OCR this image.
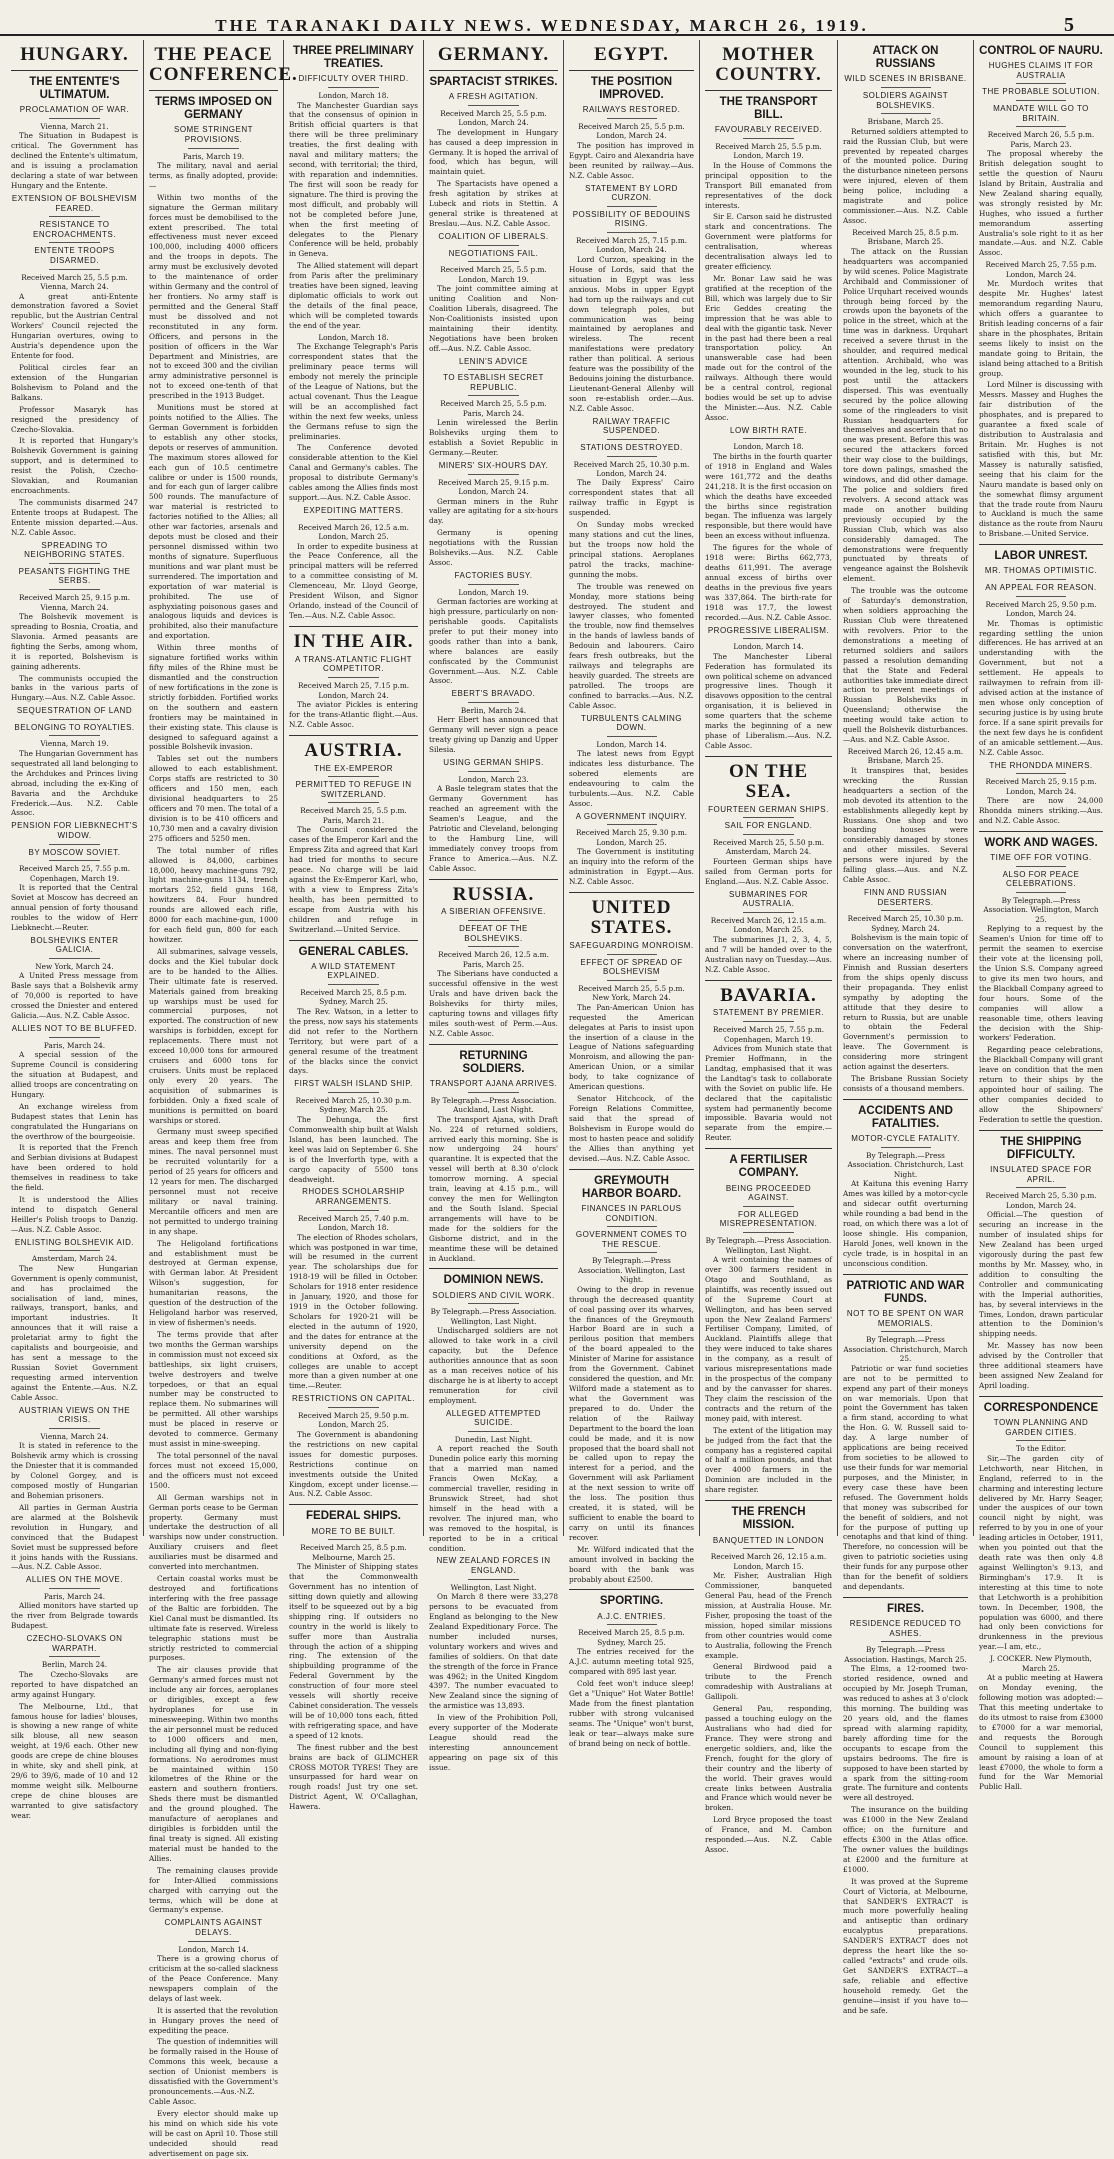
THE TARANAKI DAILY NEWS. WEDNESDAY, MARCH 26, 1919.	5
HUNGARY.
THE ENTENTE'S ULTIMATUM.
PROCLAMATION OF WAR.
Vienna, March 21.

The Situation in Budapest is critical. The Government has declined the Entente's ultimatum, and is issuing a proclamation declaring a state of war between Hungary and the Entente.

EXTENSION OF BOLSHEVISM FEARED.
RESISTANCE TO ENCROACHMENTS.
ENTENTE TROOPS DISARMED.
Received March 25, 5.5 p.m. Vienna, March 24.

A great anti-Entente demonstration favored a Soviet republic, but the Austrian Central Workers' Council rejected the Hungarian overtures, owing to Austria's dependence upon the Entente for food.

Political circles fear an extension of the Hungarian Bolshevism to Poland and the Balkans.

Professor Masaryk has resigned the presidency of Czecho-Slovakia.

It is reported that Hungary's Bolshevik Government is gaining support, and is determined to resist the Polish, Czecho-Slovakian, and Roumanian encroachments.

The communists disarmed 247 Entente troops at Budapest. The Entente mission departed.—Aus. N.Z. Cable Assoc.

SPREADING TO NEIGHBORING STATES.
PEASANTS FIGHTING THE SERBS.
Received March 25, 9.15 p.m. Vienna, March 24.

The Bolshevik movement is spreading to Bosnia, Croatia, and Slavonia. Armed peasants are fighting the Serbs, among whom, it is reported, Bolshevism is gaining adherents.

The communists occupied the banks in the various parts of Hungary.—Aus. N.Z. Cable Assoc.

SEQUESTRATION OF LAND
BELONGING TO ROYALTIES.
Vienna, March 19.

The Hungarian Government has sequestrated all land belonging to the Archdukes and Princes living abroad, including the ex-King of Bavaria and the Archduke Frederick.—Aus. N.Z. Cable Assoc.

PENSION FOR LIEBKNECHT'S WIDOW.
BY MOSCOW SOVIET.
Received March 25, 7.55 p.m. Copenhagen, March 19.

It is reported that the Central Soviet at Moscow has decreed an annual pension of forty thousand roubles to the widow of Herr Liebknecht.—Reuter.

BOLSHEVIKS ENTER GALICIA.
New York, March 24.

A United Press message from Basle says that a Bolshevik army of 70,000 is reported to have crossed the Dniester and entered Galicia.—Aus. N.Z. Cable Assoc.

ALLIES NOT TO BE BLUFFED.
Paris, March 24.

A special session of the Supreme Council is considering the situation at Budapest, and allied troops are concentrating on Hungary.

An exchange wireless from Budapest states that Lenin has congratulated the Hungarians on the overthrow of the bourgeoisie.

It is reported that the French and Serbian divisions at Budapest have been ordered to hold themselves in readiness to take the field.

It is understood the Allies intend to dispatch General Heiller's Polish troops to Danzig.—Aus. N.Z. Cable Assoc.

ENLISTING BOLSHEVIK AID.
Amsterdam, March 24.

The New Hungarian Government is openly communist, and has proclaimed the socialisation of land, mines, railways, transport, banks, and important industries. It announces that it will raise a proletariat army to fight the capitalists and bourgeoisie, and has sent a message to the Russian Soviet Government requesting armed intervention against the Entente.—Aus. N.Z. Cable Assoc.

AUSTRIAN VIEWS ON THE CRISIS.
Vienna, March 24.

It is stated in reference to the Bolshevik army which is crossing the Dniester that it is commanded by Colonel Gorgey, and is composed mostly of Hungarian and Bohemian prisoners.

All parties in German Austria are alarmed at the Bolshevik revolution in Hungary, and convinced that the Budapest Soviet must be suppressed before it joins hands with the Russians.—Aus. N.Z. Cable Assoc.

ALLIES ON THE MOVE.
Paris, March 24.

Allied monitors have started up the river from Belgrade towards Budapest.

CZECHO-SLOVAKS ON WARPATH.
Berlin, March 24.

The Czecho-Slovaks are reported to have dispatched an army against Hungary.

The Melbourne, Ltd., that famous house for ladies' blouses, is showing a new range of white silk blouse, all new season weight, at 19/6 each. Other new goods are crepe de chine blouses in white, sky and shell pink, at 29/6 to 39/6, made of 10 and 12 momme weight silk. Melbourne crepe de chine blouses are warranted to give satisfactory wear.

THE PEACE CONFERENCE.
TERMS IMPOSED ON GERMANY
SOME STRINGENT PROVISIONS.
Paris, March 19.

The military, naval and aerial terms, as finally adopted, provide:—

Within two months of the signature the German military forces must be demobilised to the extent prescribed. The total effectiveness must never exceed 100,000, including 4000 officers and the troops in depots. The army must be exclusively devoted to the maintenance of order within Germany and the control of her frontiers. No army staff is permitted and the General Staff must be dissolved and not reconstituted in any form. Officers, and persons in the position of officers in the War Department and Ministries, are not to exceed 300 and the civilian army administrative personnel is not to exceed one-tenth of that prescribed in the 1913 Budget.

Munitions must be stored at points notified to the Allies. The German Government is forbidden to establish any other stocks, depots or reserves of ammunition. The maximum stores allowed for each gun of 10.5 centimetre calibre or under is 1500 rounds, and for each gun of larger calibre 500 rounds. The manufacture of war material is restricted to factories notified to the Allies; all other war factories, arsenals and depots must be closed and their personnel dismissed within two months of signature. Superfluous munitions and war plant must be surrendered. The importation and exportation of war material is prohibited. The use of asphyxiating poisonous gases and analogous liquids and devices is prohibited, also their manufacture and exportation.

Within three months of signature fortified works within fifty miles of the Rhine must be dismantled and the construction of new fortifications in the zone is strictly forbidden. Fortified works on the southern and eastern frontiers may be maintained in their existing state. This clause is designed to safeguard against a possible Bolshevik invasion.

Tables set out the numbers allowed to each establishment. Corps staffs are restricted to 30 officers and 150 men, each divisional headquarters to 25 officers and 70 men. The total of a division is to be 410 officers and 10,730 men and a cavalry division 275 officers and 5250 men.

The total number of rifles allowed is 84,000, carbines 18,000, heavy machine-guns 792, light machine-guns 1134, trench mortars 252, field guns 168, howitzers 84. Four hundred rounds are allowed each rifle, 8000 for each machine-gun, 1000 for each field gun, 800 for each howitzer.

All submarines, salvage vessels, docks and the Kiel tubular dock are to be handed to the Allies. Their ultimate fate is reserved. Materials gained from breaking up warships must be used for commercial purposes, not exported. The construction of new warships is forbidden, except for replacements. There must not exceed 10,000 tons for armoured cruisers and 6000 tons for cruisers. Units must be replaced only every 20 years. The acquisition of submarines is forbidden. Only a fixed scale of munitions is permitted on board warships or stored.

Germany must sweep specified areas and keep them free from mines. The naval personnel must be recruited voluntarily for a period of 25 years for officers and 12 years for men. The discharged personnel must not receive military or naval training. Mercantile officers and men are not permitted to undergo training in any shape.

The Heligoland fortifications and establishment must be destroyed at German expense, with German labor. At President Wilson's suggestion, for humanitarian reasons, the question of the destruction of the Heligoland harbor was reserved, in view of fishermen's needs.

The terms provide that after two months the German warships in commission must not exceed six battleships, six light cruisers, twelve destroyers and twelve torpedoes, or that an equal number may be constructed to replace them. No submarines will be permitted. All other warships must be placed in reserve or devoted to commerce. Germany must assist in mine-sweeping.

The total personnel of the naval forces must not exceed 15,000, and the officers must not exceed 1500.

All German warships not in German ports cease to be German property. Germany must undertake the destruction of all warships now under construction. Auxiliary cruisers and fleet auxiliaries must be disarmed and converted into merchantmen.

Certain coastal works must be destroyed and fortifications interfering with the free passage of the Baltic are forbidden. The Kiel Canal must be dismantled. Its ultimate fate is reserved. Wireless telegraphic stations must be strictly restricted to commercial purposes.

The air clauses provide that Germany's armed forces must not include any air forces, aeroplanes or dirigibles, except a few hydroplanes for use in minesweeping. Within two months the air personnel must be reduced to 1000 officers and men, including all flying and non-flying formations. No aerodromes must be maintained within 150 kilometres of the Rhine or the eastern and southern frontiers. Sheds there must be dismantled and the ground ploughed. The manufacture of aeroplanes and dirigibles is forbidden until the final treaty is signed. All existing material must be handed to the Allies.

The remaining clauses provide for Inter-Allied commissions charged with carrying out the terms, which will be done at Germany's expense.

COMPLAINTS AGAINST DELAYS.
London, March 14.

There is a growing chorus of criticism at the so-called slackness of the Peace Conference. Many newspapers complain of the delays of last week.

It is asserted that the revolution in Hungary proves the need of expediting the peace.

The question of indemnities will be formally raised in the House of Commons this week, because a section of Unionist members is dissatisfied with the Government's pronouncements.—Aus.-N.Z. Cable Assoc.

Every elector should make up his mind on which side his vote will be cast on April 10. Those still undecided should read advertisement on page six.

THREE PRELIMINARY TREATIES.
DIFFICULTY OVER THIRD.
London, March 18.

The Manchester Guardian says that the consensus of opinion in British official quarters is that there will be three preliminary treaties, the first dealing with naval and military matters; the second, with territorial; the third, with reparation and indemnities. The first will soon be ready for signature. The third is proving the most difficult, and probably will not be completed before June, when the first meeting of delegates to the Plenary Conference will be held, probably in Geneva.

The Allied statement will depart from Paris after the preliminary treaties have been signed, leaving diplomatic officials to work out the details of the final peace, which will be completed towards the end of the year.

London, March 18.

The Exchange Telegraph's Paris correspondent states that the preliminary peace terms will embody not merely the principle of the League of Nations, but the actual covenant. Thus the League will be an accomplished fact within the next few weeks, unless the Germans refuse to sign the preliminaries.

The Conference devoted considerable attention to the Kiel Canal and Germany's cables. The proposal to distribute Germany's cables among the Allies finds most support.—Aus. N.Z. Cable Assoc.

EXPEDITING MATTERS.
Received March 26, 12.5 a.m. London, March 25.

In order to expedite business at the Peace Conference, all the principal matters will be referred to a committee consisting of M. Clemenceau, Mr. Lloyd George, President Wilson, and Signor Orlando, instead of the Council of Ten.—Aus. N.Z. Cable Assoc.

IN THE AIR.
A TRANS-ATLANTIC FLIGHT COMPETITOR.
Received March 25, 7.15 p.m. London, March 24.

The aviator Pickles is entering for the trans-Atlantic flight.—Aus. N.Z. Cable Assoc.

AUSTRIA.
THE EX-EMPEROR
PERMITTED TO REFUGE IN SWITZERLAND.
Received March 25, 5.5 p.m. Paris, March 21.

The Council considered the cases of the Emperor Karl and the Empress Zita and agreed that Karl had tried for months to secure peace. No charge will be laid against the Ex-Emperor Karl, who, with a view to Empress Zita's health, has been permitted to escape from Austria with his children and refuge in Switzerland.—United Service.

GENERAL CABLES.
A WILD STATEMENT EXPLAINED.
Received March 25, 8.5 p.m. Sydney, March 25.

The Rev. Watson, in a letter to the press, now says his statements did not refer to the Northern Territory, but were part of a general resume of the treatment of the blacks since the convict days.

FIRST WALSH ISLAND SHIP.
Received March 25, 10.30 p.m. Sydney, March 25.

The Dehunga, the first Commonwealth ship built at Walsh Island, has been launched. The keel was laid on September 6. She is of the Inverforth type, with a cargo capacity of 5500 tons deadweight.

RHODES SCHOLARSHIP ARRANGEMENTS.
Received March 25, 7.40 p.m. London, March 18.

The election of Rhodes scholars, which was postponed in war time, will be resumed in the current year. The scholarships due for 1918-19 will be filled in October. Scholars for 1918 enter residence in January, 1920, and those for 1919 in the October following. Scholars for 1920-21 will be elected in the autumn of 1920, and the dates for entrance at the university depend on the conditions at Oxford, as the colleges are unable to accept more than a given number at one time.—Reuter.

RESTRICTIONS ON CAPITAL.
Received March 25, 9.50 p.m. London, March 25.

The Government is abandoning the restrictions on new capital issues for domestic purposes. Restrictions continue on investments outside the United Kingdom, except under license.—Aus. N.Z. Cable Assoc.

FEDERAL SHIPS.
MORE TO BE BUILT.
Received March 25, 8.5 p.m. Melbourne, March 25.

The Minister of Shipping states that the Commonwealth Government has no intention of sitting down quietly and allowing itself to be squeezed out by a big shipping ring. If outsiders no country in the world is likely to suffer more than Australia through the action of a shipping ring. The extension of the shipbuilding programme of the Federal Government by the construction of four more steel vessels will shortly receive Cabinet consideration. The vessels will be of 10,000 tons each, fitted with refrigerating space, and have a speed of 12 knots.

The finest rubber and the best brains are back of GLIMCHER CROSS MOTOR TYRES! They are unsurpassed for hard wear on rough roads! Just try one set. District Agent, W. O'Callaghan, Hawera.

GERMANY.
SPARTACIST STRIKES.
A FRESH AGITATION.
Received March 25, 5.5 p.m. London, March 24.

The development in Hungary has caused a deep impression in Germany. It is hoped the arrival of food, which has begun, will maintain quiet.

The Spartacists have opened a fresh agitation by strikes at Lubeck and riots in Stettin. A general strike is threatened at Breslau.—Aus. N.Z. Cable Assoc.

COALITION OF LIBERALS.
NEGOTIATIONS FAIL.
Received March 25, 5.5 p.m. London, March 19.

The joint committee aiming at uniting Coalition and Non-Coalition Liberals, disagreed. The Non-Coalitionists insisted upon maintaining their identity. Negotiations have been broken off.—Aus. N.Z. Cable Assoc.

LENIN'S ADVICE
TO ESTABLISH SECRET REPUBLIC.
Received March 25, 5.5 p.m. Paris, March 24.

Lenin wirelessed the Berlin Bolsheviks urging them to establish a Soviet Republic in Germany.—Reuter.

MINERS' SIX-HOURS DAY.
Received March 25, 9.15 p.m. London, March 24.

German miners in the Ruhr valley are agitating for a six-hours day.

Germany is opening negotiations with the Russian Bolsheviks.—Aus. N.Z. Cable Assoc.

FACTORIES BUSY.
London, March 19.

German factories are working at high pressure, particularly on non-perishable goods. Capitalists prefer to put their money into goods rather than into a bank, where balances are easily confiscated by the Communist Government.—Aus. N.Z. Cable Assoc.

EBERT'S BRAVADO.
Berlin, March 24.

Herr Ebert has announced that Germany will never sign a peace treaty giving up Danzig and Upper Silesia.

USING GERMAN SHIPS.
London, March 23.

A Basle telegram states that the Germany Government has reached an agreement with the Seamen's League, and the Patriotic and Cleveland, belonging to the Hamburg Line, will immediately convey troops from France to America.—Aus. N.Z. Cable Assoc.

RUSSIA.
A SIBERIAN OFFENSIVE.
DEFEAT OF THE BOLSHEVIKS.
Received March 26, 12.5 a.m. Paris, March 25.

The Siberians have conducted a successful offensive in the west Urals and have driven back the Bolsheviks for thirty miles, capturing towns and villages fifty miles south-west of Perm.—Aus. N.Z. Cable Assoc.

RETURNING SOLDIERS.
TRANSPORT AJANA ARRIVES.
By Telegraph.—Press Association. Auckland, Last Night.

The transport Ajana, with Draft No. 224 of returned soldiers, arrived early this morning. She is now undergoing 24 hours' quarantine. It is expected that the vessel will berth at 8.30 o'clock tomorrow morning. A special train, leaving at 4.15 p.m., will convey the men for Wellington and the South Island. Special arrangements will have to be made for the soldiers for the Gisborne district, and in the meantime these will be detained in Auckland.

DOMINION NEWS.
SOLDIERS AND CIVIL WORK.
By Telegraph.—Press Association. Wellington, Last Night.

Undischarged soldiers are not allowed to take work in a civil capacity, but the Defence authorities announce that as soon as a man receives notice of his discharge he is at liberty to accept remuneration for civil employment.

ALLEGED ATTEMPTED SUICIDE.
Dunedin, Last Night.

A report reached the South Dunedin police early this morning that a married man named Francis Owen McKay, a commercial traveller, residing in Brunswick Street, had shot himself in the head with a revolver. The injured man, who was removed to the hospital, is reported to be in a critical condition.

NEW ZEALAND FORCES IN ENGLAND.
Wellington, Last Night.

On March 8 there were 33,278 persons to be evacuated from England as belonging to the New Zealand Expeditionary Force. The number included nurses, voluntary workers and wives and families of soldiers. On that date the strength of the force in France was 4962; in the United Kingdom 4397. The number evacuated to New Zealand since the signing of the armistice was 13,893.

In view of the Prohibition Poll, every supporter of the Moderate League should read the interesting announcement appearing on page six of this issue.

EGYPT.
THE POSITION IMPROVED.
RAILWAYS RESTORED.
Received March 25, 5.5 p.m. London, March 24.

The position has improved in Egypt. Cairo and Alexandria have been reunited by railway.—Aus. N.Z. Cable Assoc.

STATEMENT BY LORD CURZON.
POSSIBILITY OF BEDOUINS RISING.
Received March 25, 7.15 p.m. London, March 24.

Lord Curzon, speaking in the House of Lords, said that the situation in Egypt was less anxious. Mobs in upper Egypt had torn up the railways and cut down telegraph poles, but communication was being maintained by aeroplanes and wireless. The recent manifestations were predatory rather than political. A serious feature was the possibility of the Bedouins joining the disturbance. Lieutenant-General Allenby will soon re-establish order.—Aus. N.Z. Cable Assoc.

RAILWAY TRAFFIC SUSPENDED.
STATIONS DESTROYED.
Received March 25, 10.30 p.m. London, March 24.

The Daily Express' Cairo correspondent states that all railway traffic in Egypt is suspended.

On Sunday mobs wrecked many stations and cut the lines, but the troops now hold the principal stations. Aeroplanes patrol the tracks, machine-gunning the mobs.

The trouble was renewed on Monday, more stations being destroyed. The student and lawyer classes, who fomented the trouble, now find themselves in the hands of lawless bands of Bedouin and labourers. Cairo fears fresh outbreaks, but the railways and telegraphs are heavily guarded. The streets are patrolled. The troops are confined to barracks.—Aus. N.Z. Cable Assoc.

TURBULENTS CALMING DOWN.
London, March 14.

The latest news from Egypt indicates less disturbance. The sobered elements are endeavouring to calm the turbulents.—Aus. N.Z. Cable Assoc.

A GOVERNMENT INQUIRY.
Received March 25, 9.30 p.m. London, March 25.

The Government is instituting an inquiry into the reform of the administration in Egypt.—Aus. N.Z. Cable Assoc.

UNITED STATES.
SAFEGUARDING MONROISM.
EFFECT OF SPREAD OF BOLSHEVISM
Received March 25, 5.5 p.m. New York, March 24.

The Pan-American Union has requested the American delegates at Paris to insist upon the insertion of a clause in the League of Nations safeguarding Monroism, and allowing the pan-American Union, or a similar body, to take cognizance of American questions.

Senator Hitchcock, of the Foreign Relations Committee, said that the spread of Bolshevism in Europe would do most to hasten peace and solidify the Allies than anything yet devised.—Aus. N.Z. Cable Assoc.

GREYMOUTH HARBOR BOARD.
FINANCES IN PARLOUS CONDITION.
GOVERNMENT COMES TO THE RESCUE.
By Telegraph.—Press Association. Wellington, Last Night.

Owing to the drop in revenue through the decreased quantity of coal passing over its wharves, the finances of the Greymouth Harbor Board are in such a perilous position that members of the board appealed to the Minister of Marine for assistance from the Government. Cabinet considered the question, and Mr. Wilford made a statement as to what the Government was prepared to do. Under the relation of the Railway Department to the board the loan could be made, and it is now proposed that the board shall not be called upon to repay the interest for a period, and the Government will ask Parliament at the next session to write off the loss. The position thus created, it is stated, will be sufficient to enable the board to carry on until its finances recover.

Mr. Wilford indicated that the amount involved in backing the board with the bank was probably about £2500.

SPORTING.
A.J.C. ENTRIES.
Received March 25, 8.5 p.m. Sydney, March 25.

The entries received for the A.J.C. autumn meeting total 925, compared with 895 last year.

Cold feet won't induce sleep! Get a "Unique" Hot Water Bottle! Made from the finest plantation rubber with strong vulcanised seams. The "Unique" won't burst, leak or tear—always make sure of brand being on neck of bottle.

MOTHER COUNTRY.
THE TRANSPORT BILL.
FAVOURABLY RECEIVED.
Received March 25, 5.5 p.m. London, March 19.

In the House of Commons the principal opposition to the Transport Bill emanated from representatives of the dock interests.

Sir E. Carson said he distrusted stark and concentrations. The Government were platforms for centralisation, whereas decentralisation always led to greater efficiency.

Mr. Bonar Law said he was gratified at the reception of the Bill, which was largely due to Sir Eric Geddes creating the impression that he was able to deal with the gigantic task. Never in the past had there been a real transportation policy. An unanswerable case had been made out for the control of the railways. Although there would be a central control, regional bodies would be set up to advise the Minister.—Aus. N.Z. Cable Assoc.

LOW BIRTH RATE.
London, March 18.

The births in the fourth quarter of 1918 in England and Wales were 161,772 and the deaths 241,218. It is the first occasion on which the deaths have exceeded the births since registration began. The influenza was largely responsible, but there would have been an excess without influenza.

The figures for the whole of 1918 were: Births 662,773, deaths 611,991. The average annual excess of births over deaths in the previous five years was 337,864. The birth-rate for 1918 was 17.7, the lowest recorded.—Aus. N.Z. Cable Assoc.

PROGRESSIVE LIBERALISM.
London, March 14.

The Manchester Liberal Federation has formulated its own political scheme on advanced progressive lines. Though it disavows opposition to the central organisation, it is believed in some quarters that the scheme marks the beginning of a new phase of Liberalism.—Aus. N.Z. Cable Assoc.

ON THE SEA.
FOURTEEN GERMAN SHIPS.
SAIL FOR ENGLAND.
Received March 25, 5.50 p.m. Amsterdam, March 24.

Fourteen German ships have sailed from German ports for England.—Aus. N.Z. Cable Assoc.

SUBMARINES FOR AUSTRALIA.
Received March 26, 12.15 a.m. London, March 25.

The submarines J1, 2, 3, 4, 5, and 7 will be handed over to the Australian navy on Tuesday.—Aus. N.Z. Cable Assoc.

BAVARIA.
STATEMENT BY PREMIER.
Received March 25, 7.55 p.m. Copenhagen, March 19.

Advices from Munich state that Premier Hoffmann, in the Landtag, emphasised that it was the Landtag's task to collaborate with the Soviet on public life. He declared that the capitalistic system had permanently become impossible. Bavaria would not separate from the empire.—Reuter.

A FERTILISER COMPANY.
BEING PROCEEDED AGAINST.
FOR ALLEGED MISREPRESENTATION.
By Telegraph.—Press Association. Wellington, Last Night.

A writ containing the names of over 300 farmers resident in Otago and Southland, as plaintiffs, was recently issued out of the Supreme Court at Wellington, and has been served upon the New Zealand Farmers' Fertiliser Company, Limited, of Auckland. Plaintiffs allege that they were induced to take shares in the company, as a result of various misrepresentations made in the prospectus of the company and by the canvasser for shares. They claim the rescission of the contracts and the return of the money paid, with interest.

The extent of the litigation may be judged from the fact that the company has a registered capital of half a million pounds, and that over 4000 farmers in the Dominion are included in the share register.

THE FRENCH MISSION.
BANQUETTED IN LONDON
Received March 26, 12.15 a.m. London, March 15.

Mr. Fisher, Australian High Commissioner, banqueted General Pau, head of the French mission, at Australia House. Mr. Fisher, proposing the toast of the mission, hoped similar missions from other countries would come to Australia, following the French example.

General Birdwood paid a tribute to the French comradeship with Australians at Gallipoli.

General Pau, responding, passed a touching eulogy on the Australians who had died for France. They were strong and energetic soldiers, and, like the French, fought for the glory of their country and the liberty of the world. Their graves would create links between Australia and France which would never be broken.

Lord Bryce proposed the toast of France, and M. Cambon responded.—Aus. N.Z. Cable Assoc.

ATTACK ON RUSSIANS
WILD SCENES IN BRISBANE.
SOLDIERS AGAINST BOLSHEVIKS.
Brisbane, March 25.

Returned soldiers attempted to raid the Russian Club, but were prevented by repeated charges of the mounted police. During the disturbance nineteen persons were injured, eleven of them being police, including a magistrate and police commissioner.—Aus. N.Z. Cable Assoc.

Received March 25, 8.5 p.m. Brisbane, March 25.

The attack on the Russian headquarters was accompanied by wild scenes. Police Magistrate Archibald and Commissioner of Police Urquhart received wounds through being forced by the crowds upon the bayonets of the police in the street, which at the time was in darkness. Urquhart received a severe thrust in the shoulder, and required medical attention. Archibald, who was wounded in the leg, stuck to his post until the attackers dispersed. This was eventually secured by the police allowing some of the ringleaders to visit Russian headquarters for themselves and ascertain that no one was present. Before this was secured the attackers forced their way close to the buildings, tore down palings, smashed the windows, and did other damage. The police and soldiers fired revolvers. A second attack was made on another building previously occupied by the Russian Club, which was also considerably damaged. The demonstrations were frequently punctuated by threats of vengeance against the Bolshevik element.

The trouble was the outcome of Saturday's demonstration, when soldiers approaching the Russian Club were threatened with revolvers. Prior to the demonstrations a meeting of returned soldiers and sailors passed a resolution demanding that the State and Federal authorities take immediate direct action to prevent meetings of Russian Bolsheviks in Queensland; otherwise the meeting would take action to quell the Bolshevik disturbances.—Aus. and N.Z. Cable Assoc.

Received March 26, 12.45 a.m. Brisbane, March 25.

It transpires that, besides wrecking the Russian headquarters a section of the mob devoted its attention to the establishments allegedly kept by Russians. One shop and two boarding houses were considerably damaged by stones and other missiles. Several persons were injured by the falling glass.—Aus. and N.Z. Cable Assoc.

FINN AND RUSSIAN DESERTERS.
Received March 25, 10.30 p.m. Sydney, March 24.

Bolshevism is the main topic of conversation on the waterfront, where an increasing number of Finnish and Russian deserters from the ships openly discuss their propaganda. They enlist sympathy by adopting the attitude that they desire to return to Russia, but are unable to obtain the Federal Government's permission to leave. The Government is considering more stringent action against the deserters.

The Brisbane Russian Society consists of a thousand members.

ACCIDENTS AND FATALITIES.
MOTOR-CYCLE FATALITY.
By Telegraph.—Press Association. Christchurch, Last Night.

At Kaituna this evening Harry Ames was killed by a motor-cycle and sidecar outfit overturning while rounding a bad bend in the road, on which there was a lot of loose shingle. His companion, Harold Jones, well known in the cycle trade, is in hospital in an unconscious condition.

PATRIOTIC AND WAR FUNDS.
NOT TO BE SPENT ON WAR MEMORIALS.
By Telegraph.—Press Association. Christchurch, March 25.

Patriotic or war fund societies are not to be permitted to expend any part of their moneys on war memorials. Upon that point the Government has taken a firm stand, according to what the Hon. G. W. Russell said to-day. A large number of applications are being received from societies to be allowed to use their funds for war memorial purposes, and the Minister, in every case these have been refused. The Government holds that money was subscribed for the benefit of soldiers, and not for the purpose of putting up cenotaphs and that kind of thing. Therefore, no concession will be given to patriotic societies using their funds for any purpose other than for the benefit of soldiers and dependants.

FIRES.
RESIDENCE REDUCED TO ASHES.
By Telegraph.—Press Association. Hastings, March 25.

The Elms, a 12-roomed two-storied residence, owned and occupied by Mr. Joseph Truman, was reduced to ashes at 3 o'clock this morning. The building was 20 years old, and the flames spread with alarming rapidity, barely affording time for the occupants to escape from the upstairs bedrooms. The fire is supposed to have been started by a spark from the sitting-room grate. The furniture and contents were all destroyed.

The insurance on the building was £1000 in the New Zealand office; on the furniture and effects £300 in the Atlas office. The owner values the buildings at £2000 and the furniture at £1000.

It was proved at the Supreme Court of Victoria, at Melbourne, that SANDER'S EXTRACT is much more powerfully healing and antiseptic than ordinary eucalyptus preparations. SANDER'S EXTRACT does not depress the heart like the so-called "extracts" and crude oils. Get SANDER'S EXTRACT—a safe, reliable and effective household remedy. Get the genuine—insist if you have to—and be safe.

CONTROL OF NAURU.
HUGHES CLAIMS IT FOR AUSTRALIA
THE PROBABLE SOLUTION.
MANDATE WILL GO TO BRITAIN.
Received March 26, 5.5 p.m. Paris, March 23.

The proposal whereby the British delegation sought to settle the question of Nauru Island by Britain, Australia and New Zealand sharing equally, was strongly resisted by Mr. Hughes, who issued a further memorandum asserting Australia's sole right to it as her mandate.—Aus. and N.Z. Cable Assoc.

Received March 25, 7.55 p.m. London, March 24.

Mr. Murdoch writes that despite Mr. Hughes' latest memorandum regarding Nauru, which offers a guarantee to British leading concerns of a fair share in the phosphates, Britain seems likely to insist on the mandate going to Britain, the island being attached to a British group.

Lord Milner is discussing with Messrs. Massey and Hughes the fair distribution of the phosphates, and is prepared to guarantee a fixed scale of distribution to Australasia and Britain. Mr. Hughes is not satisfied with this, but Mr. Massey is naturally satisfied, seeing that his claim for the Nauru mandate is based only on the somewhat flimsy argument that the trade route from Nauru to Auckland is much the same distance as the route from Nauru to Brisbane.—United Service.

LABOR UNREST.
MR. THOMAS OPTIMISTIC.
AN APPEAL FOR REASON.
Received March 25, 9.50 p.m. London, March 24.

Mr. Thomas is optimistic regarding settling the union differences. He has arrived at an understanding with the Government, but not a settlement. He appeals to railwaymen to refrain from ill-advised action at the instance of men whose only conception of securing justice is by using brute force. If a sane spirit prevails for the next few days he is confident of an amicable settlement.—Aus. N.Z. Cable Assoc.

THE RHONDDA MINERS.
Received March 25, 9.15 p.m. London, March 24.

There are now 24,000 Rhondda miners striking.—Aus. and N.Z. Cable Assoc.

WORK AND WAGES.
TIME OFF FOR VOTING.
ALSO FOR PEACE CELEBRATIONS.
By Telegraph.—Press Association. Wellington, March 25.

Replying to a request by the Seamen's Union for time off to permit the seamen to exercise their vote at the licensing poll, the Union S.S. Company agreed to give its men two hours, and the Blackball Company agreed to four hours. Some of the companies will allow a reasonable time, others leaving the decision with the Ship-workers' Federation.

Regarding peace celebrations, the Blackball Company will grant leave on condition that the men return to their ships by the appointed hour of sailing. The other companies decided to allow the Shipowners' Federation to settle the question.

THE SHIPPING DIFFICULTY.
INSULATED SPACE FOR APRIL.
Received March 25, 5.30 p.m. London, March 24.

Official.—The question of securing an increase in the number of insulated ships for New Zealand has been urged vigorously during the past few months by Mr. Massey, who, in addition to consulting the Controller and communicating with the Imperial authorities, has, by several interviews in the Times, London, drawn particular attention to the Dominion's shipping needs.

Mr. Massey has now been advised by the Controller that three additional steamers have been assigned New Zealand for April loading.

CORRESPONDENCE
TOWN PLANNING AND GARDEN CITIES.
To the Editor.

Sir,—The garden city of Letchworth, near Hitchen, in England, referred to in the charming and interesting lecture delivered by Mr. Harry Seager, under the auspices of our town council night by night, was referred to by you in one of your leading articles in October, 1911, when you pointed out that the death rate was then only 4.8 against Wellington's 9.13, and Birmingham's 17.9. It is interesting at this time to note that Letchworth is a prohibition town. In December, 1908, the population was 6000, and there had only been convictions for drunkenness in the previous year.—I am, etc.,

J. COCKER. New Plymouth, March 25.

At a public meeting at Hawera on Monday evening, the following motion was adopted:—That this meeting undertake to do its utmost to raise from £3000 to £7000 for a war memorial, and requests the Borough Council to supplement this amount by raising a loan of at least £7000, the whole to form a fund for the War Memorial Public Hall.
